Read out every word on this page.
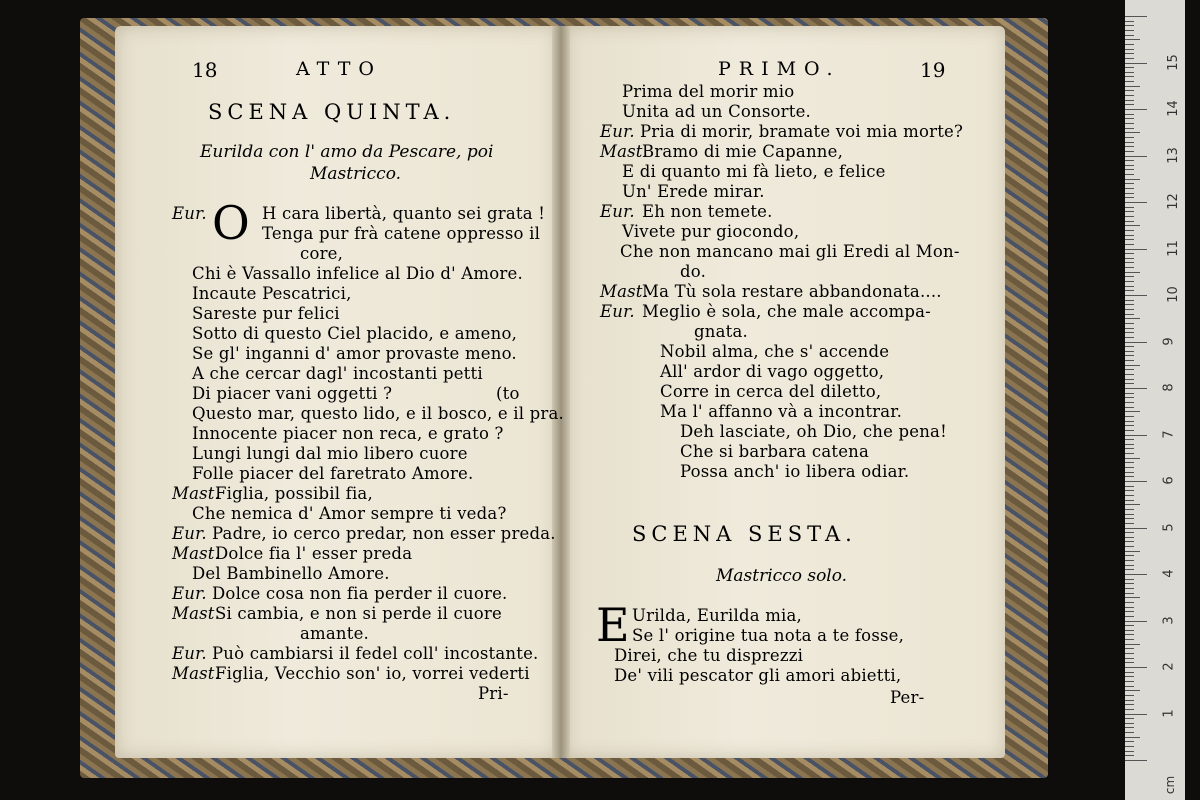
18	ATTO
SCENA QUINTA.
Eurilda con l' amo da Pescare, poi
Mastricco.
O
(to
Pri-
Eur.	H cara libertà, quanto sei grata !
Tenga pur frà catene oppresso il
core,
Chi è Vassallo infelice al Dio d' Amore.
Incaute Pescatrici,
Sareste pur felici
Sotto di questo Ciel placido, e ameno,
Se gl' inganni d' amor provaste meno.
A che cercar dagl' incostanti petti
Di piacer vani oggetti ?
Questo mar, questo lido, e il bosco, e il pra.
Innocente piacer non reca, e grato ?
Lungi lungi dal mio libero cuore
Folle piacer del faretrato Amore.
Mast.
Figlia, possibil fia,
Che nemica d' Amor sempre ti veda?
Eur. Padre, io cerco predar, non esser preda.
Mast.
Dolce fia l' esser preda
Del Bambinello Amore.
Eur. Dolce cosa non fia perder il cuore.
Mast.
Si cambia, e non si perde il cuore
amante.
Eur. Può cambiarsi il fedel coll' incostante.
Mast.
Figlia, Vecchio son' io, vorrei vederti
PRIMO.	19
Prima del morir mio
Unita ad un Consorte.
Eur. Pria di morir, bramate voi mia morte?
Mast.
Bramo di mie Capanne,
E di quanto mi fà lieto, e felice
Un' Erede mirar.
Eur. Eh non temete.
Vivete pur giocondo,
Che non mancano mai gli Eredi al Mon-
do.
Mast.
Ma Tù sola restare abbandonata....
Eur. Meglio è sola, che male accompa-
gnata.
Nobil alma, che s' accende
All' ardor di vago oggetto,
Corre in cerca del diletto,
Ma l' affanno và a incontrar.
Deh lasciate, oh Dio, che pena!
Che si barbara catena
Possa anch' io libera odiar.
SCENA SESTA.
Mastricco solo.
E Urilda, Eurilda mia,
Se l' origine tua nota a te fosse,
Direi, che tu disprezzi
De' vili pescator gli amori abietti,
Per-
1
2
3
4
5
6
7
8
9
10
11
12
13
14
15
cm
